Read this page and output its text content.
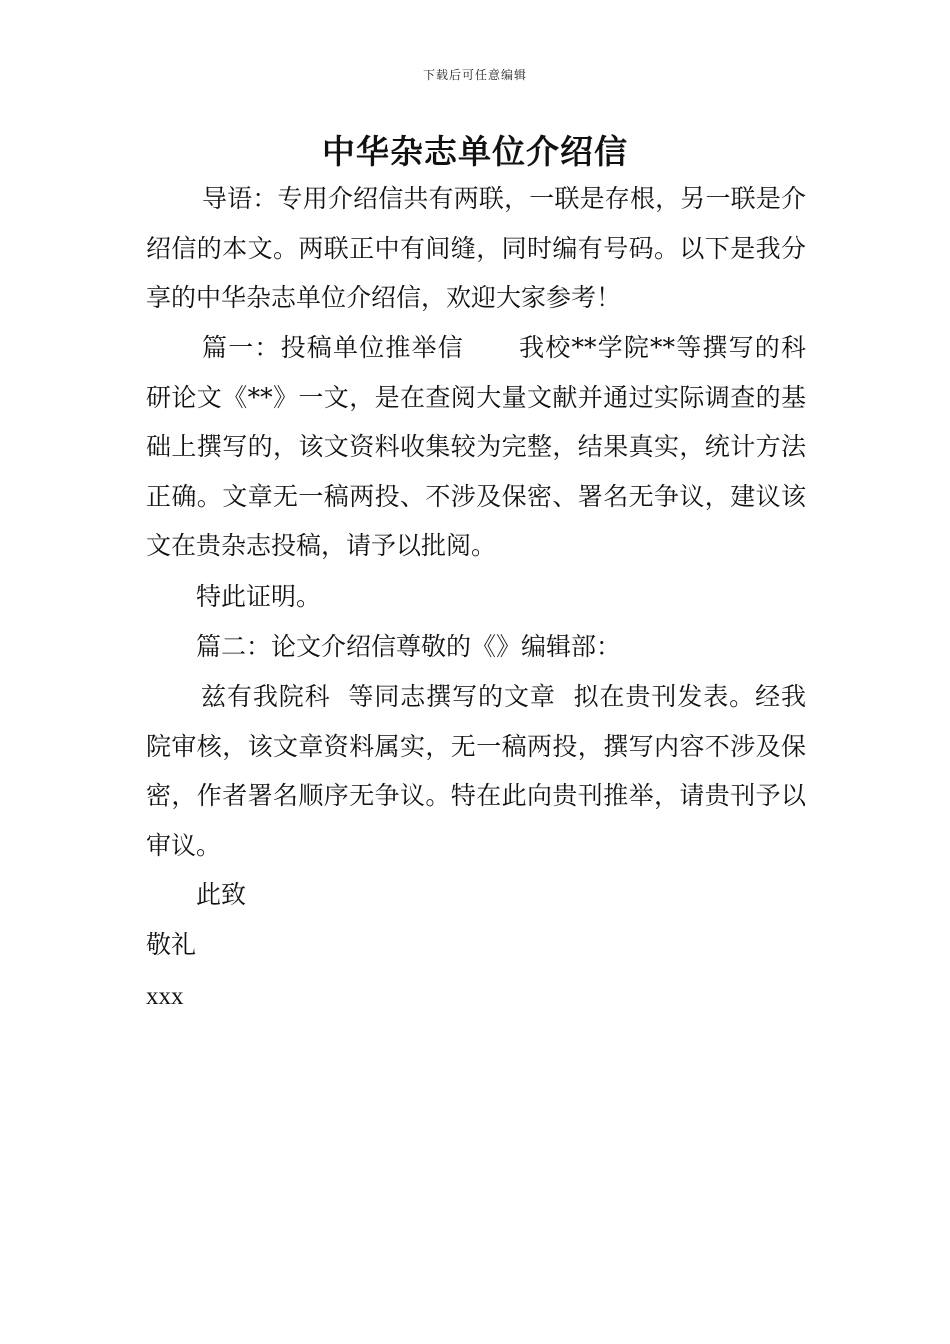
下载后可任意编辑
中华杂志单位介绍信

导语：专用介绍信共有两联，一联是存根，另一联是介绍信的本文。两联正中有间缝，同时编有号码。以下是我分享的中华杂志单位介绍信，欢迎大家参考！

篇一：投稿单位推举信 我校**学院**等撰写的科研论文《**》一文，是在查阅大量文献并通过实际调查的基础上撰写的，该文资料收集较为完整，结果真实，统计方法正确。文章无一稿两投、不涉及保密、署名无争议，建议该文在贵杂志投稿，请予以批阅。

特此证明。

篇二：论文介绍信尊敬的《》编辑部：

兹有我院科  等同志撰写的文章  拟在贵刊发表。经我院审核，该文章资料属实，无一稿两投，撰写内容不涉及保密，作者署名顺序无争议。特在此向贵刊推举，请贵刊予以审议。

此致

敬礼

xxx
